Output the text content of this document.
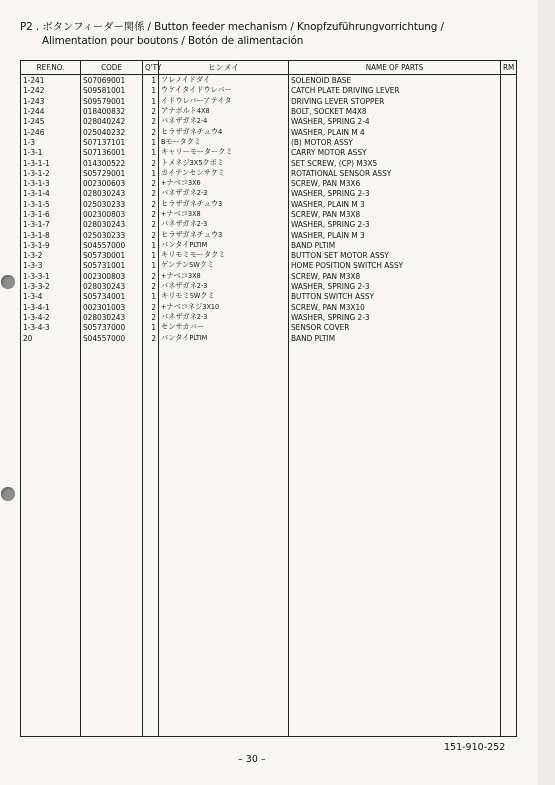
P2 . ボタンフィーダー関係 / Button feeder mechanism / Knopfzuführungvorrichtung /
Alimentation pour boutons / Botón de alimentación
REF.NO.	CODE	Q'TY	ヒンメイ	NAME OF PARTS	RM
1-241	S07069001	1	ソレノイドダイ	SOLENOID BASE	
1-242	S09581001	1	ウケイタイドウレバー	CATCH PLATE DRIVING LEVER	
1-243	S09579001	1	イドウレバーアテイタ	DRIVING LEVER STOPPER	
1-244	018400832	2	アナボルト4X8	BOLT, SOCKET M4X8	
1-245	028040242	2	バネザガネ2-4	WASHER, SPRING 2-4	
1-246	025040232	2	ヒラザガネチュウ4	WASHER, PLAIN M 4	
1-3	S07137101	1	Bモータクミ	(B) MOTOR ASSY	
1-3-1	S07136001	1	キャリーモータークミ	CARRY MOTOR ASSY	
1-3-1-1	014300522	2	トメネジ3X5クボミ	SET SCREW, (CP) M3X5	
1-3-1-2	S05729001	1	カイテンセンサクミ	ROTATIONAL SENSOR ASSY	
1-3-1-3	002300603	2	+ナベコ3X6	SCREW, PAN M3X6	
1-3-1-4	028030243	2	バネザガネ2-3	WASHER, SPRING 2-3	
1-3-1-5	025030233	2	ヒラザガネチュウ3	WASHER, PLAIN M 3	
1-3-1-6	002300803	2	+ナベコ3X8	SCREW, PAN M3X8	
1-3-1-7	028030243	2	バネザガネ2-3	WASHER, SPRING 2-3	
1-3-1-8	025030233	2	ヒラザガネチュウ3	WASHER, PLAIN M 3	
1-3-1-9	S04557000	1	バンタイPLTIM	BAND PLTIM	
1-3-2	S05730001	1	キリモミモータクミ	BUTTON SET MOTOR ASSY	
1-3-3	S05731001	1	ゲンテンSWクミ	HOME POSITION SWITCH ASSY	
1-3-3-1	002300803	2	+ナベコ3X8	SCREW, PAN M3X8	
1-3-3-2	028030243	2	バネザガネ2-3	WASHER, SPRING 2-3	
1-3-4	S05734001	1	キリモミSWクミ	BUTTON SWITCH ASSY	
1-3-4-1	002301003	2	+ナベコネジ3X10	SCREW, PAN M3X10	
1-3-4-2	028030243	2	バネザガネ2-3	WASHER, SPRING 2-3	
1-3-4-3	S05737000	1	センサカバー	SENSOR COVER	
20	S04557000	2	バンタイPLTIM	BAND PLTIM	

151-910-252
– 30 –
